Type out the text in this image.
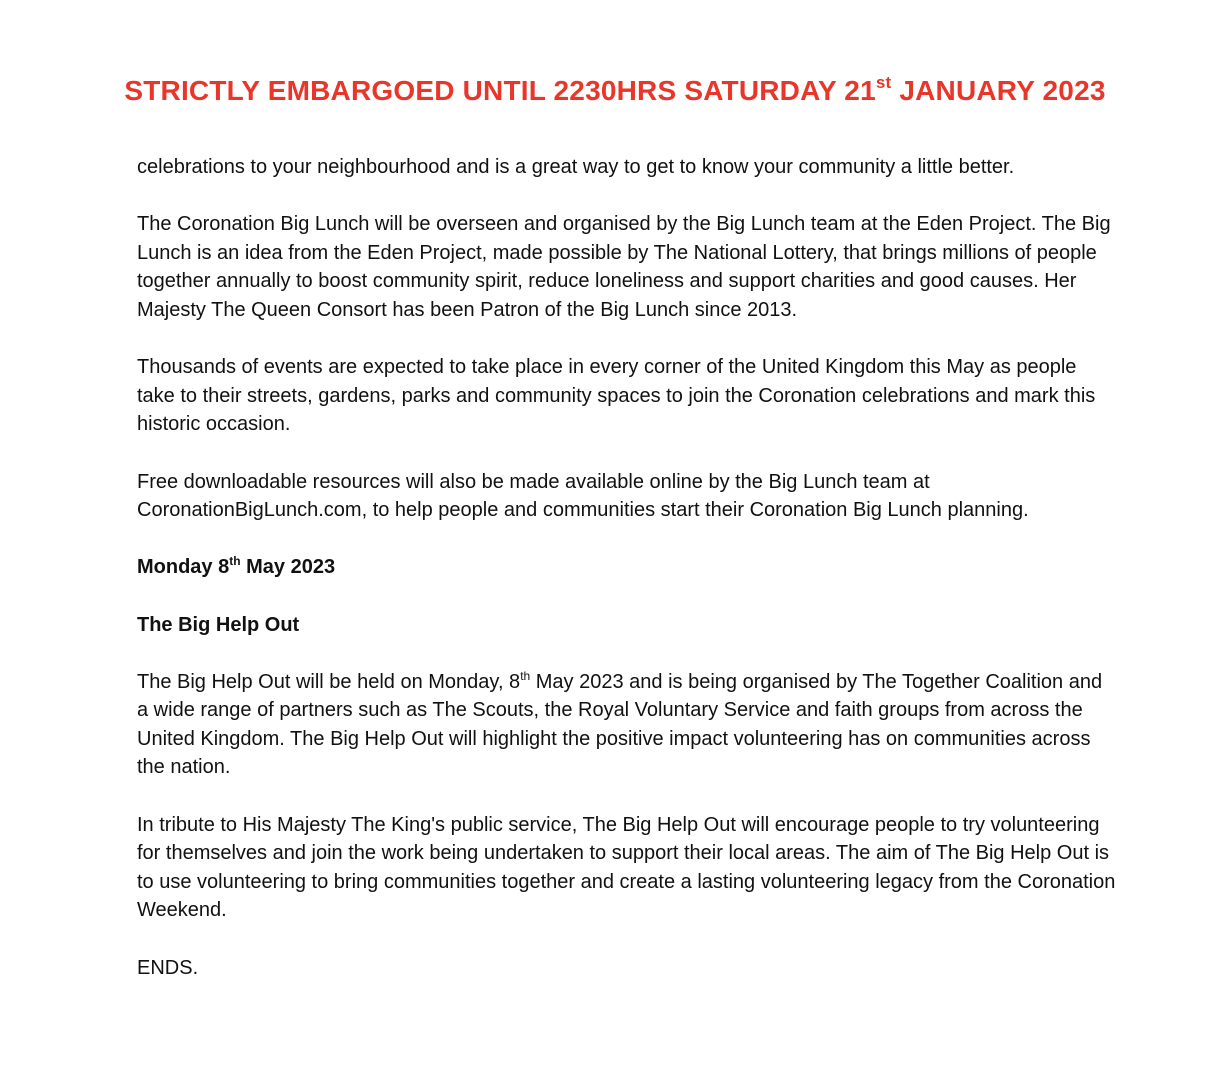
STRICTLY EMBARGOED UNTIL 2230HRS SATURDAY 21st JANUARY 2023

celebrations to your neighbourhood and is a great way to get to know your community a little better.

The Coronation Big Lunch will be overseen and organised by the Big Lunch team at the Eden Project. The Big Lunch is an idea from the Eden Project, made possible by The National Lottery, that brings millions of people together annually to boost community spirit, reduce loneliness and support charities and good causes. Her Majesty The Queen Consort has been Patron of the Big Lunch since 2013.

Thousands of events are expected to take place in every corner of the United Kingdom this May as people take to their streets, gardens, parks and community spaces to join the Coronation celebrations and mark this historic occasion.

Free downloadable resources will also be made available online by the Big Lunch team at CoronationBigLunch.com, to help people and communities start their Coronation Big Lunch planning.

Monday 8th May 2023

The Big Help Out

The Big Help Out will be held on Monday, 8th May 2023 and is being organised by The Together Coalition and a wide range of partners such as The Scouts, the Royal Voluntary Service and faith groups from across the United Kingdom. The Big Help Out will highlight the positive impact volunteering has on communities across the nation.

In tribute to His Majesty The King's public service, The Big Help Out will encourage people to try volunteering for themselves and join the work being undertaken to support their local areas. The aim of The Big Help Out is to use volunteering to bring communities together and create a lasting volunteering legacy from the Coronation Weekend.

ENDS.
